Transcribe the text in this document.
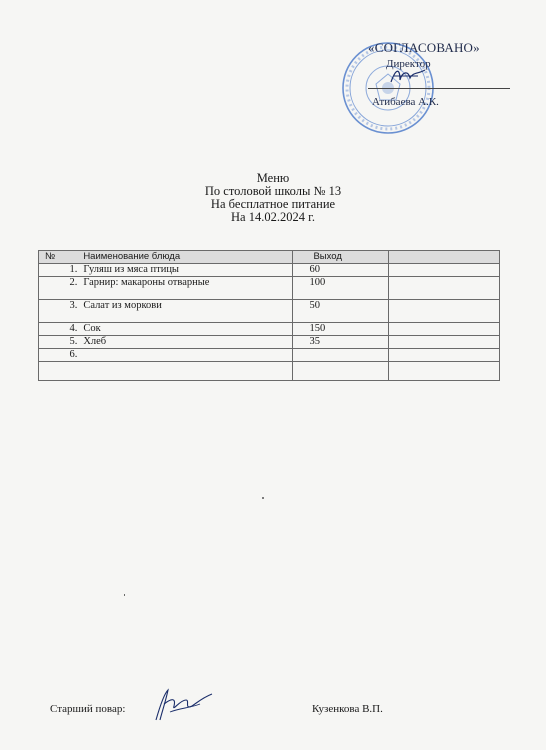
«СОГЛАСОВАНО»
Директор
Атибаева А.К.
Меню
По столовой школы № 13
На бесплатное питание
На 14.02.2024 г.
№	Наименование блюда	Выход	
1.	Гуляш из мяса птицы	60	
2.	Гарнир: макароны отварные	100	
3.	Салат из моркови	50	
4.	Сок	150	
5.	Хлеб	35	
6.			

Старший повар:	Кузенкова В.П.
